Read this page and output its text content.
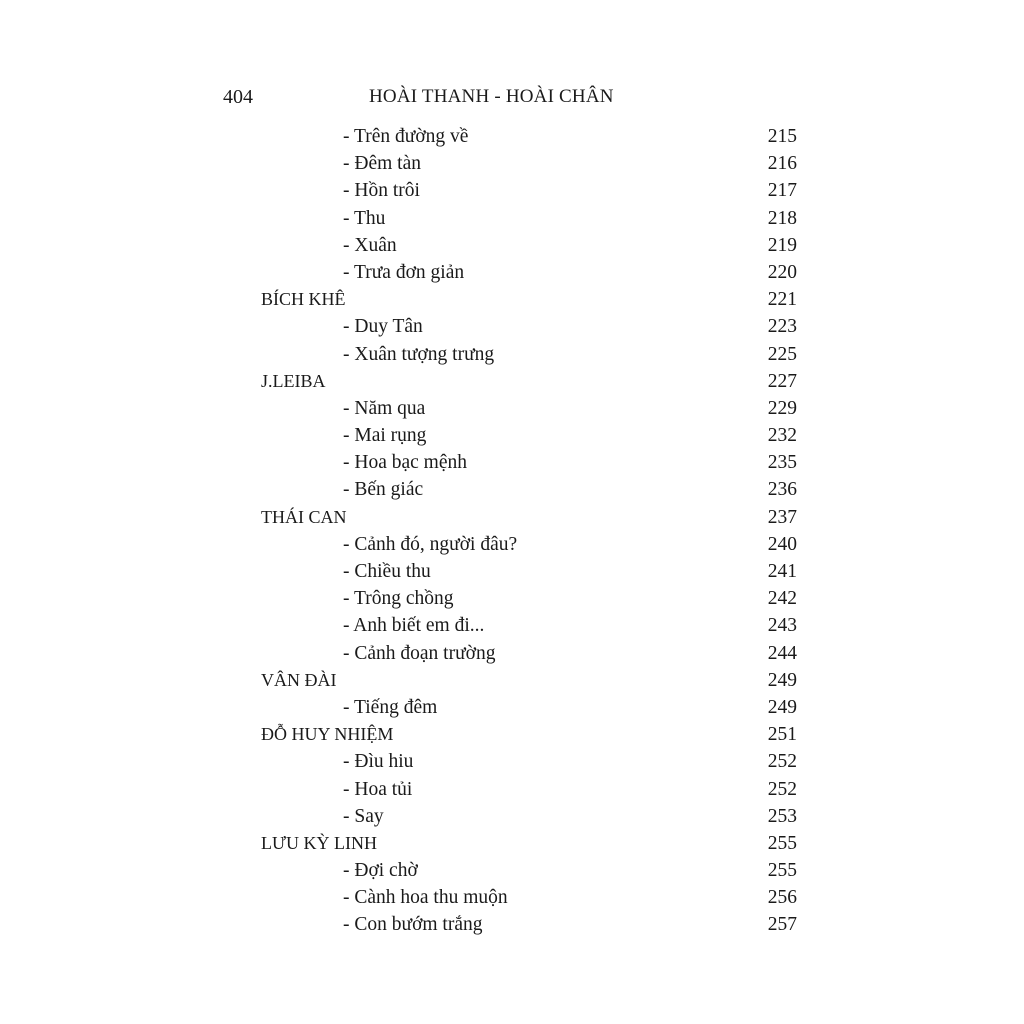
404	HOÀI THANH - HOÀI CHÂN
- Trên đường về	215
- Đêm tàn	216
- Hồn trôi	217
- Thu	218
- Xuân	219
- Trưa đơn giản	220
BÍCH KHÊ	221
- Duy Tân	223
- Xuân tượng trưng	225
J.LEIBA	227
- Năm qua	229
- Mai rụng	232
- Hoa bạc mệnh	235
- Bến giác	236
THÁI CAN	237
- Cảnh đó, người đâu?	240
- Chiều thu	241
- Trông chồng	242
- Anh biết em đi...	243
- Cảnh đoạn trường	244
VÂN ĐÀI	249
- Tiếng đêm	249
ĐỖ HUY NHIỆM	251
- Đìu hiu	252
- Hoa tủi	252
- Say	253
LƯU KỲ LINH	255
- Đợi chờ	255
- Cành hoa thu muộn	256
- Con bướm trắng	257
